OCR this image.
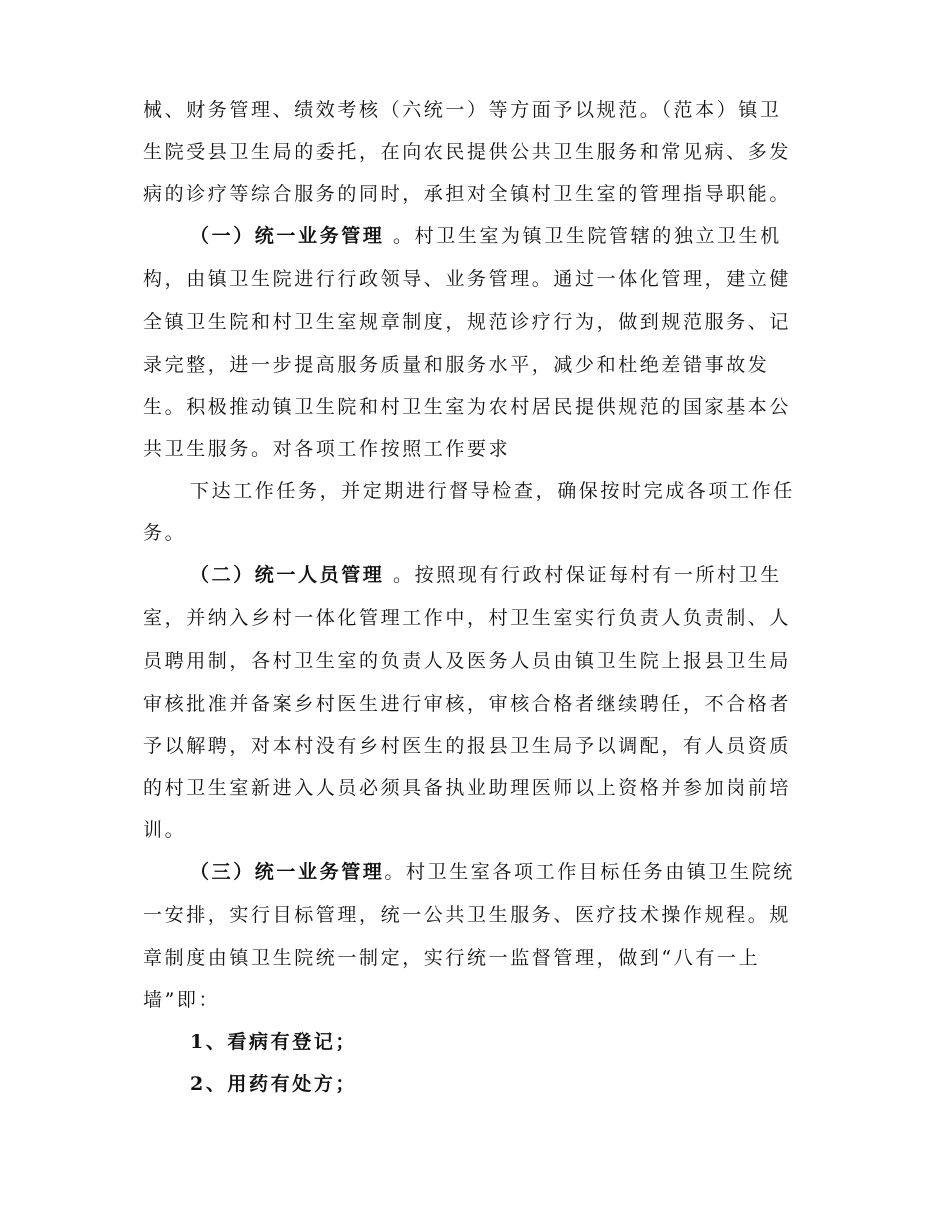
械、财务管理、绩效考核（六统一）等方面予以规范。（范本）镇卫
生院受县卫生局的委托，在向农民提供公共卫生服务和常见病、多发
病的诊疗等综合服务的同时，承担对全镇村卫生室的管理指导职能。
（一）统一业务管理 。村卫生室为镇卫生院管辖的独立卫生机
构，由镇卫生院进行行政领导、业务管理。通过一体化管理，建立健
全镇卫生院和村卫生室规章制度，规范诊疗行为，做到规范服务、记
录完整，进一步提高服务质量和服务水平，减少和杜绝差错事故发
生。积极推动镇卫生院和村卫生室为农村居民提供规范的国家基本公
共卫生服务。对各项工作按照工作要求
下达工作任务，并定期进行督导检查，确保按时完成各项工作任
务。
（二）统一人员管理 。按照现有行政村保证每村有一所村卫生
室，并纳入乡村一体化管理工作中，村卫生室实行负责人负责制、人
员聘用制，各村卫生室的负责人及医务人员由镇卫生院上报县卫生局
审核批准并备案乡村医生进行审核，审核合格者继续聘任，不合格者
予以解聘，对本村没有乡村医生的报县卫生局予以调配，有人员资质
的村卫生室新进入人员必须具备执业助理医师以上资格并参加岗前培
训。
（三）统一业务管理。村卫生室各项工作目标任务由镇卫生院统
一安排，实行目标管理，统一公共卫生服务、医疗技术操作规程。规
章制度由镇卫生院统一制定，实行统一监督管理，做到“八有一上
墙”即：
1、看病有登记；
2、用药有处方；
